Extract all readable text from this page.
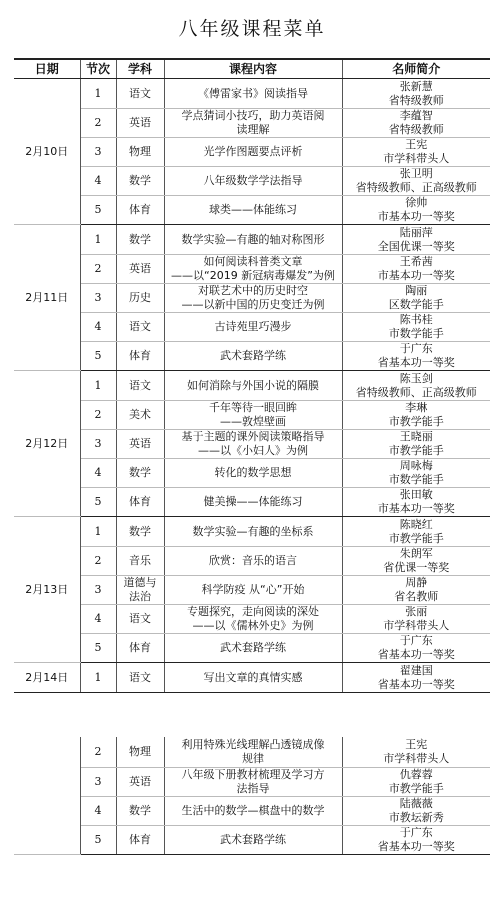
八年级课程菜单
日期	节次	学科	课程内容	名师简介
2月10日	1	语文	《傅雷家书》阅读指导	张新慧
省特级教师

	2	英语	学点猜词小技巧，助力英语阅
读理解	李蕴智
省特级教师

	3	物理	光学作图题要点评析	王宪
市学科带头人

	4	数学	八年级数学学法指导	张卫明
省特级教师、正高级教师

	5	体育	球类——体能练习	徐帅
市基本功一等奖

2月11日	1	数学	数学实验—有趣的轴对称图形	陆丽萍
全国优课一等奖

	2	英语	如何阅读科普类文章
——以“2019 新冠病毒爆发”为例	王希茜
市基本功一等奖

	3	历史	对联艺术中的历史时空
——以新中国的历史变迁为例	陶丽
区数学能手

	4	语文	古诗苑里巧漫步	陈书桂
市数学能手

	5	体育	武术套路学练	于广东
省基本功一等奖

2月12日	1	语文	如何消除与外国小说的隔膜	陈玉剑
省特级教师、正高级教师

	2	美术	千年等待一眼回眸
——敦煌壁画	李琳
市教学能手

	3	英语	基于主题的课外阅读策略指导
——以《小妇人》为例	王晓丽
市教学能手

	4	数学	转化的数学思想	周咏梅
市数学能手

	5	体育	健美操——体能练习	张田敏
市基本功一等奖

2月13日	1	数学	数学实验—有趣的坐标系	陈晓红
市教学能手

	2	音乐	欣赏：音乐的语言	朱朗军
省优课一等奖

	3	道德与
法治	科学防疫 从“心”开始	周静
省名教师

	4	语文	专题探究，走向阅读的深处
——以《儒林外史》为例	张丽
市学科带头人

	5	体育	武术套路学练	于广东
省基本功一等奖

2月14日	1	语文	写出文章的真情实感	翟建国
省基本功一等奖

	2	物理	利用特殊光线理解凸透镜成像
规律	王宪
市学科带头人

	3	英语	八年级下册教材梳理及学习方
法指导	仇蓉蓉
市教学能手

	4	数学	生活中的数学—棋盘中的数学	陆薇薇
市教坛新秀

	5	体育	武术套路学练	于广东
省基本功一等奖
